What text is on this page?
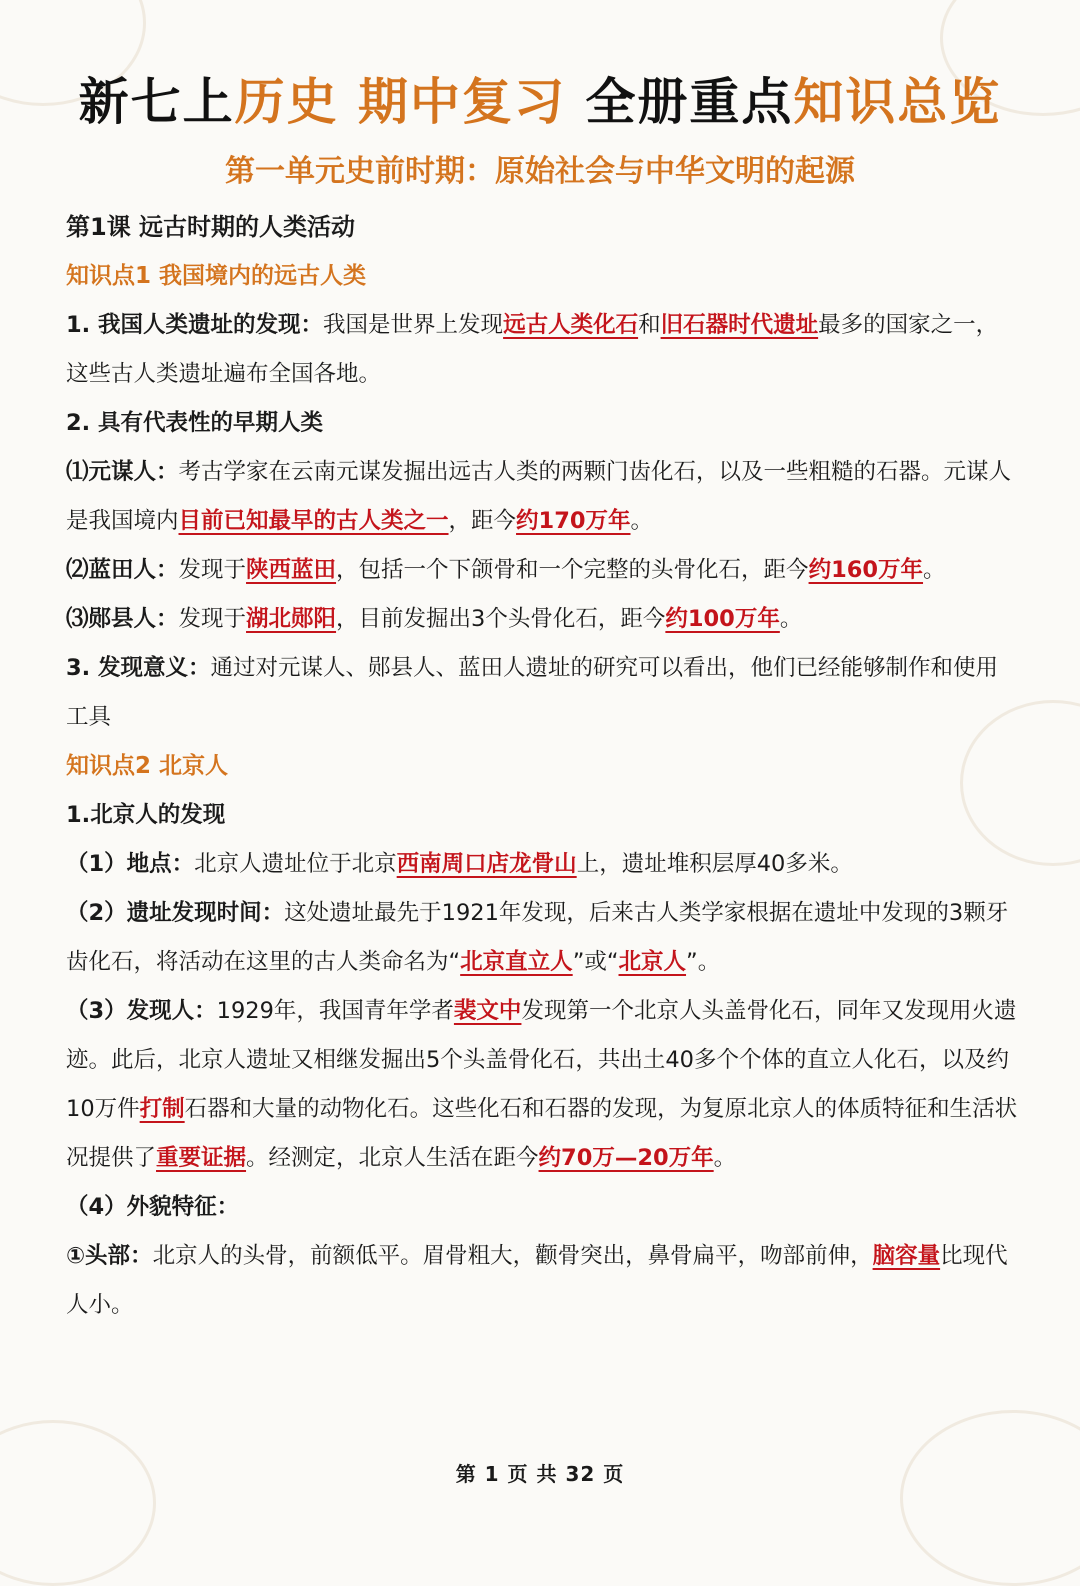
新七上历史 期中复习 全册重点知识总览
第一单元史前时期：原始社会与中华文明的起源

第1课 远古时期的人类活动

知识点1 我国境内的远古人类

1. 我国人类遗址的发现：我国是世界上发现远古人类化石和旧石器时代遗址最多的国家之一，这些古人类遗址遍布全国各地。

2. 具有代表性的早期人类

⑴元谋人：考古学家在云南元谋发掘出远古人类的两颗门齿化石，以及一些粗糙的石器。元谋人是我国境内目前已知最早的古人类之一，距今约170万年。

⑵蓝田人：发现于陕西蓝田，包括一个下颌骨和一个完整的头骨化石，距今约160万年。

⑶郧县人：发现于湖北郧阳，目前发掘出3个头骨化石，距今约100万年。

3. 发现意义：通过对元谋人、郧县人、蓝田人遗址的研究可以看出，他们已经能够制作和使用工具

知识点2 北京人

1.北京人的发现

（1）地点：北京人遗址位于北京西南周口店龙骨山上，遗址堆积层厚40多米。

（2）遗址发现时间：这处遗址最先于1921年发现，后来古人类学家根据在遗址中发现的3颗牙齿化石，将活动在这里的古人类命名为“北京直立人”或“北京人”。

（3）发现人：1929年，我国青年学者裴文中发现第一个北京人头盖骨化石，同年又发现用火遗迹。此后，北京人遗址又相继发掘出5个头盖骨化石，共出土40多个个体的直立人化石，以及约10万件打制石器和大量的动物化石。这些化石和石器的发现，为复原北京人的体质特征和生活状况提供了重要证据。经测定，北京人生活在距今约70万—20万年。

（4）外貌特征：

①头部：北京人的头骨，前额低平。眉骨粗大，颧骨突出，鼻骨扁平，吻部前伸，脑容量比现代人小。

第 1 页 共 32 页
